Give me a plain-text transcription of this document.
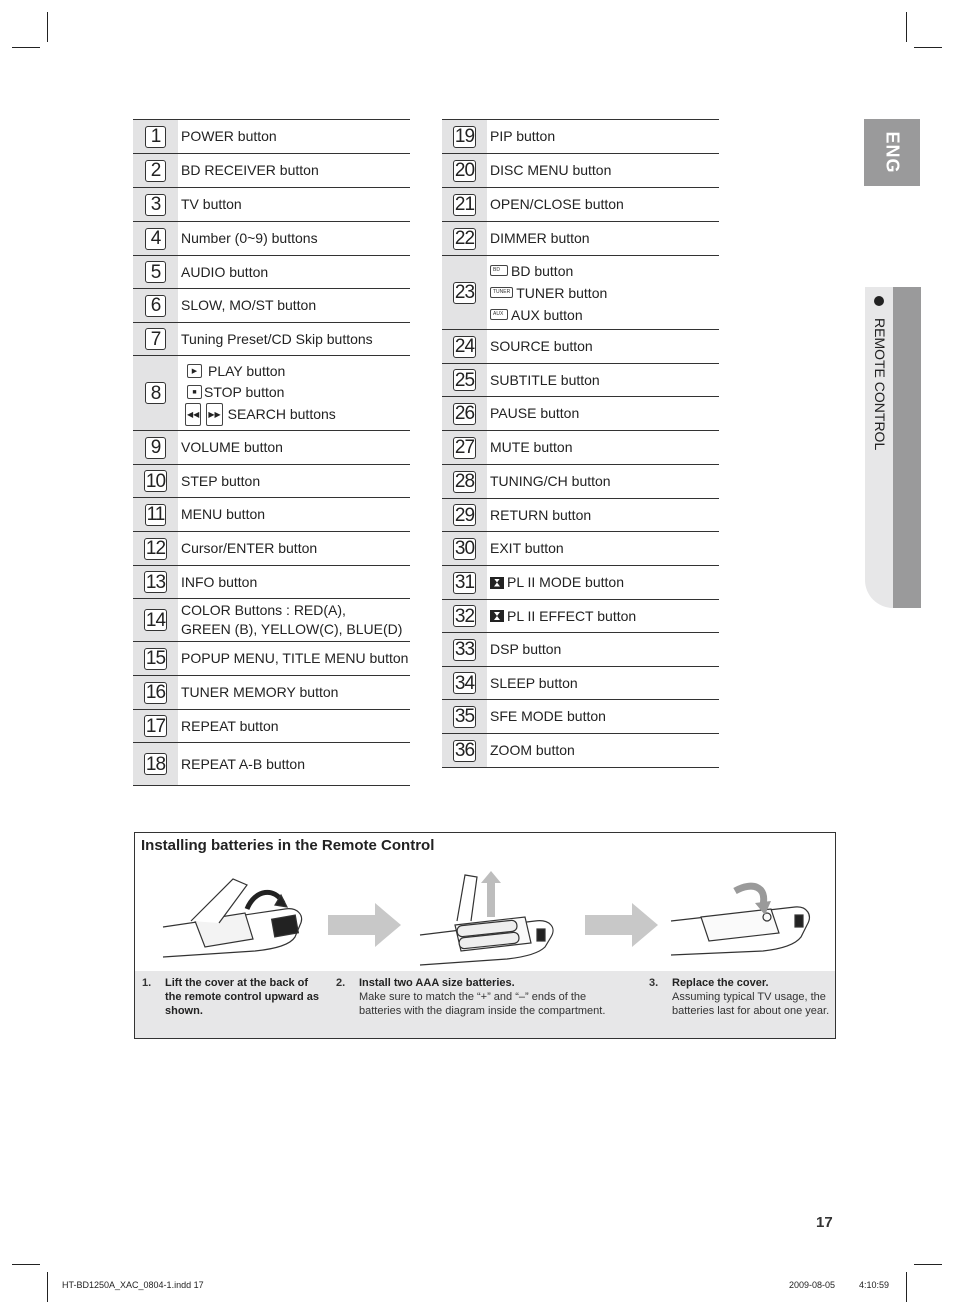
1	POWER button
2	BD RECEIVER button
3	TV button
4	Number (0~9) buttons
5	AUDIO button
6	SLOW, MO/ST button
7	Tuning Preset/CD Skip buttons
8
▶ PLAY button
■ STOP button
◀◀ ▶▶ SEARCH buttons
9	VOLUME button
10 STEP button
11 MENU button
12 Cursor/ENTER button
13 INFO button
14 COLOR Buttons : RED(A),
GREEN (B), YELLOW(C), BLUE(D)
15 POPUP MENU, TITLE MENU button
16 TUNER MEMORY button
17 REPEAT button
18 REPEAT A-B button
19 PIP button
20 DISC MENU button
21 OPEN/CLOSE button
22 DIMMER button
23
BD BD button
TUNER TUNER button
AUX AUX button
24 SOURCE button
25 SUBTITLE button
26 PAUSE button
27 MUTE button
28 TUNING/CH button
29 RETURN button
30 EXIT button
31 PL II MODE button
32 PL II EFFECT button
33 DSP button
34 SLEEP button
35 SFE MODE button
36 ZOOM button
ENG
REMOTE CONTROL
Installing batteries in the Remote Control
1. Lift the cover at the back of the remote control upward as shown.
2. Install two AAA size batteries.
Make sure to match the “+” and “–” ends of the batteries with the diagram inside the compartment.
3. Replace the cover.
Assuming typical TV usage, the batteries last for about one year.
17
HT-BD1250A_XAC_0804-1.indd 17	2009-08-05	4:10:59
